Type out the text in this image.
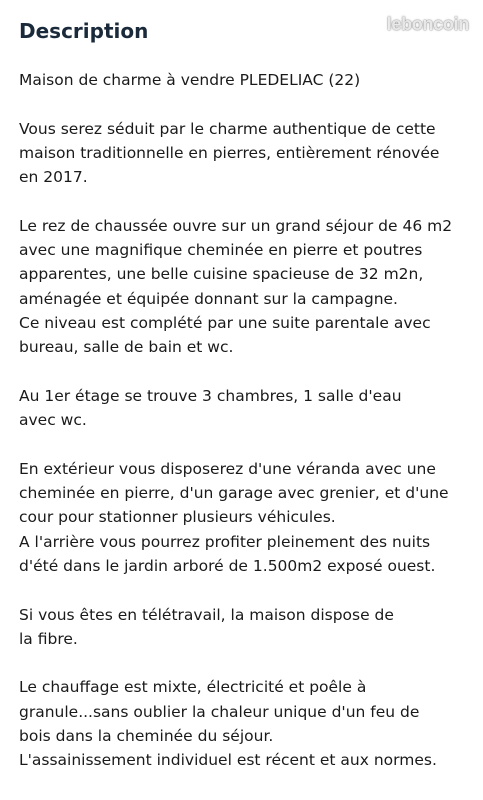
leboncoin
Description

Maison de charme à vendre PLEDELIAC (22)

Vous serez séduit par le charme authentique de cette
maison traditionnelle en pierres, entièrement rénovée
en 2017.

Le rez de chaussée ouvre sur un grand séjour de 46 m2
avec une magnifique cheminée en pierre et poutres
apparentes, une belle cuisine spacieuse de 32 m2n,
aménagée et équipée donnant sur la campagne.
Ce niveau est complété par une suite parentale avec
bureau, salle de bain et wc.

Au 1er étage se trouve 3 chambres, 1 salle d'eau
avec wc.

En extérieur vous disposerez d'une véranda avec une
cheminée en pierre, d'un garage avec grenier, et d'une
cour pour stationner plusieurs véhicules.
A l'arrière vous pourrez profiter pleinement des nuits
d'été dans le jardin arboré de 1.500m2 exposé ouest.

Si vous êtes en télétravail, la maison dispose de
la fibre.

Le chauffage est mixte, électricité et poêle à
granule...sans oublier la chaleur unique d'un feu de
bois dans la cheminée du séjour.
L'assainissement individuel est récent et aux normes.
